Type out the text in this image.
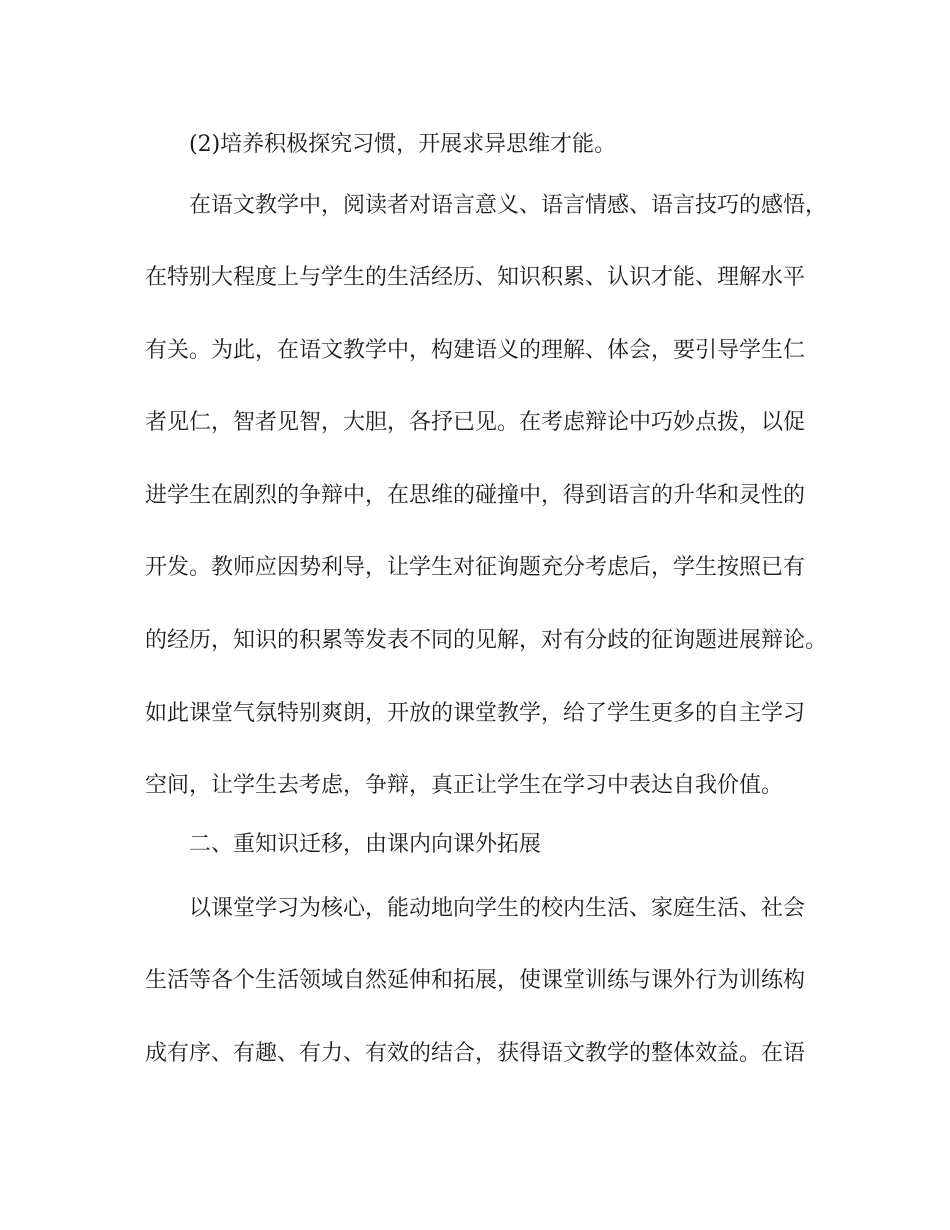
(2)培养积极探究习惯，开展求异思维才能。
在语文教学中，阅读者对语言意义、语言情感、语言技巧的感悟，
在特别大程度上与学生的生活经历、知识积累、认识才能、理解水平
有关。为此，在语文教学中，构建语义的理解、体会，要引导学生仁
者见仁，智者见智，大胆，各抒已见。在考虑辩论中巧妙点拨，以促
进学生在剧烈的争辩中，在思维的碰撞中，得到语言的升华和灵性的
开发。教师应因势利导，让学生对征询题充分考虑后，学生按照已有
的经历，知识的积累等发表不同的见解，对有分歧的征询题进展辩论。
如此课堂气氛特别爽朗，开放的课堂教学，给了学生更多的自主学习
空间，让学生去考虑，争辩，真正让学生在学习中表达自我价值。
二、重知识迁移，由课内向课外拓展
以课堂学习为核心，能动地向学生的校内生活、家庭生活、社会
生活等各个生活领域自然延伸和拓展，使课堂训练与课外行为训练构
成有序、有趣、有力、有效的结合，获得语文教学的整体效益。在语
